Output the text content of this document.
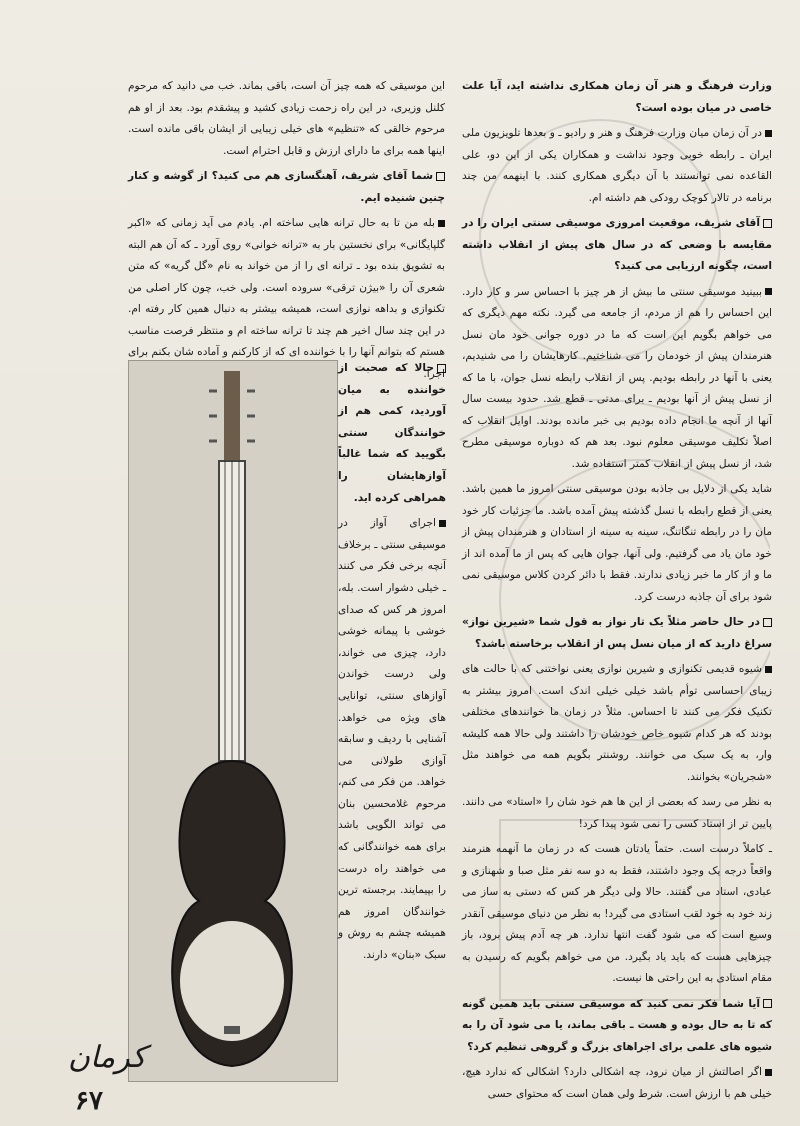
وزارت فرهنگ و هنر آن زمان همکاری نداشته اید، آیا علت خاصی در میان بوده است؟

در آن زمان میان وزارت فرهنگ و هنر و رادیو ـ و بعدها تلویزیون ملی ایران ـ رابطه خوبی وجود نداشت و همکاران یکی از این دو، علی القاعده نمی توانستند با آن دیگری همکاری کنند. با اینهمه من چند برنامه در تالار کوچک رودکی هم داشته ام.

آقای شریف، موقعیت امروزی موسیقی سنتی ایران را در مقایسه با وضعی که در سال های پیش از انقلاب داشته است، چگونه ارزیابی می کنید؟

ببینید موسیقی سنتی ما بیش از هر چیز با احساس سر و کار دارد. این احساس را هم از مردم، از جامعه می گیرد. نکته مهم دیگری که می خواهم بگویم این است که ما در دوره جوانی خود مان نسل هنرمندان پیش از خودمان را می شناختیم. کارهایشان را می شنیدیم، یعنی با آنها در رابطه بودیم. پس از انقلاب رابطه نسل جوان، با ما که از نسل پیش از آنها بودیم ـ برای مدتی ـ قطع شد. حدود بیست سال آنها از آنچه ما انجام داده بودیم بی خبر مانده بودند. اوایل انقلاب که اصلاً تکلیف موسیقی معلوم نبود. بعد هم که دوباره موسیقی مطرح شد، از نسل پیش از انقلاب کمتر استفاده شد.

شاید یکی از دلایل بی جاذبه بودن موسیقی سنتی امروز ما همین باشد. یعنی از قطع رابطه با نسل گذشته پیش آمده باشد. ما جزئیات کار خود مان را در رابطه تنگاتنگ، سینه به سینه از استادان و هنرمندان پیش از خود مان یاد می گرفتیم. ولی آنها، جوان هایی که پس از ما آمده اند از ما و از کار ما خبر زیادی ندارند. فقط با دائر کردن کلاس موسیقی نمی شود برای آن جاذبه درست کرد.

در حال حاضر مثلاً یک تار نواز به قول شما «شیرین نواز» سراغ دارید که از میان نسل پس از انقلاب برخاسته باشد؟

شیوه قدیمی تکنوازی و شیرین نوازی یعنی نواختنی که با حالت های زیبای احساسی توأم باشد خیلی خیلی اندک است. امروز بیشتر به تکنیک فکر می کنند تا احساس. مثلاً در زمان ما خوانندهای مختلفی بودند که هر کدام شیوه خاص خودشان را داشتند ولی حالا همه کلیشه وار، به یک سبک می خوانند. روشنتر بگویم همه می خواهند مثل «شجریان» بخوانند.

به نظر می رسد که بعضی از این ها هم خود شان را «استاد» می دانند. پایین تر از استاد کسی را نمی شود پیدا کرد!

ـ کاملاً درست است. حتماً یادتان هست که در زمان ما آنهمه هنرمند واقعاً درجه یک وجود داشتند، فقط به دو سه نفر مثل صبا و شهنازی و عبادی، استاد می گفتند. حالا ولی دیگر هر کس که دستی به ساز می زند خود به خود لقب استادی می گیرد! به نظر من دنیای موسیقی آنقدر وسیع است که می شود گفت انتها ندارد. هر چه آدم پیش برود، باز چیزهایی هست که باید یاد بگیرد. من می خواهم بگویم که رسیدن به مقام استادی به این راحتی ها نیست.

آیا شما فکر نمی کنید که موسیقی سنتی باید همین گونه که تا به حال بوده و هست ـ باقی بماند، یا می شود آن را به شیوه های علمی برای اجراهای بزرگ و گروهی تنظیم کرد؟

اگر اصالتش از میان نرود، چه اشکالی دارد؟ اشکالی که ندارد هیچ، خیلی هم با ارزش است. شرط ولی همان است که محتوای حسی

این موسیقی که همه چیز آن است، باقی بماند. خب می دانید که مرحوم کلنل وزیری، در این راه زحمت زیادی کشید و پیشقدم بود. بعد از او هم مرحوم خالقی که «تنظیم» های خیلی زیبایی از ایشان باقی مانده است. اینها همه برای ما دارای ارزش و قابل احترام است.

شما آقای شریف، آهنگسازی هم می کنید؟ از گوشه و کنار چنین شنیده ایم.

بله من تا به حال ترانه هایی ساخته ام. یادم می آید زمانی که «اکبر گلپایگانی» برای نخستین بار به «ترانه خوانی» روی آورد ـ که آن هم البته به تشویق بنده بود ـ ترانه ای را از من خواند به نام «گل گریه» که متن شعری آن را «بیژن ترقی» سروده است. ولی خب، چون کار اصلی من تکنوازی و بداهه نوازی است، همیشه بیشتر به دنبال همین کار رفته ام. در این چند سال اخیر هم چند تا ترانه ساخته ام و منتظر فرصت مناسب هستم که بتوانم آنها را با خواننده ای که از کارکنم و آماده شان بکنم برای اجرا.

حالا که صحبت از خواننده به میان آوردید، کمی هم از خوانندگان سنتی بگویید که شما غالباً آوازهایشان را همراهی کرده اید.

اجرای آواز در موسیقی سنتی ـ برخلاف آنچه برخی فکر می کنند ـ خیلی دشوار است. بله، امروز هر کس که صدای خوشی با پیمانه خوشی دارد، چیزی می خواند، ولی درست خواندن آوازهای سنتی، توانایی های ویژه می خواهد. آشنایی با ردیف و سابقه آوازی طولانی می خواهد. من فکر می کنم، مرحوم غلامحسین بنان می تواند الگویی باشد برای همه خوانندگانی که می خواهند راه درست را بپیمایند. برجسته ترین خوانندگان امروز هم همیشه چشم به روش و سبک «بنان» دارند.

کرمان
۶۷
